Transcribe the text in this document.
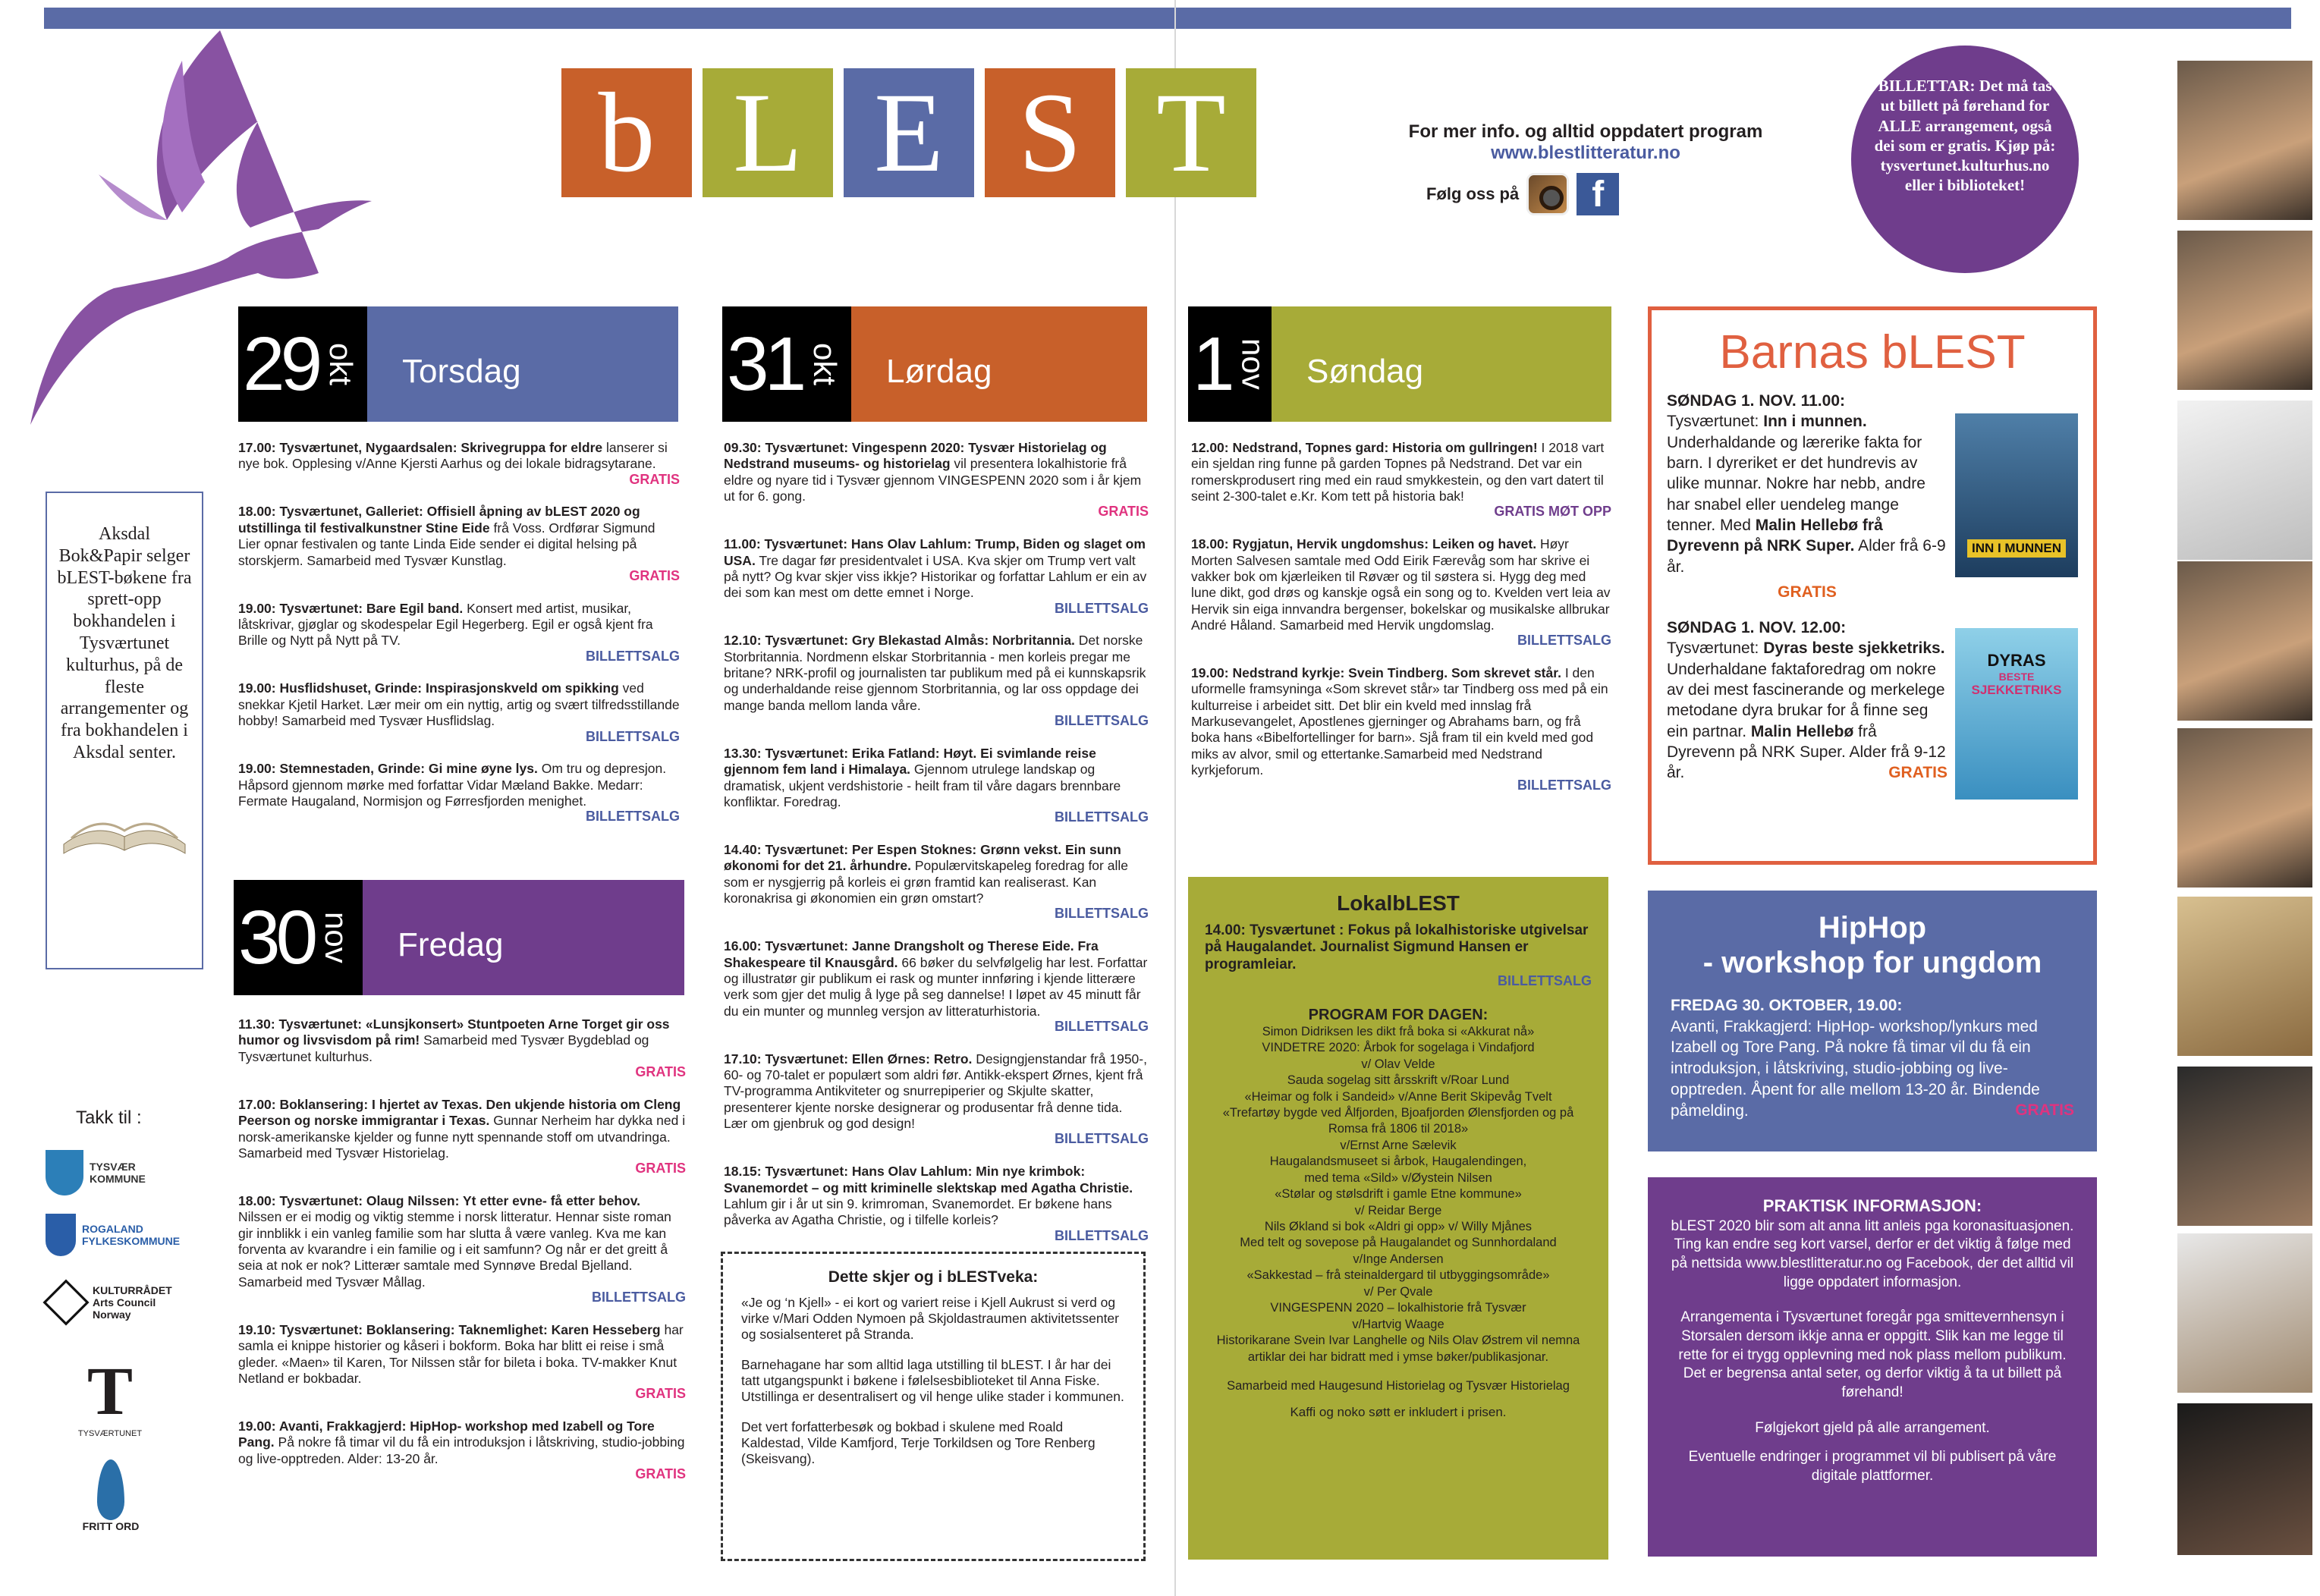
b L E S T	For mer info. og alltid oppdatert program
www.blestlitteratur.no
Følg oss på	f
BILLETTAR: Det må tas ut billett på førehand for ALLE arrangement, også dei som er gratis. Kjøp på: tysvertunet.kulturhus.no eller i biblioteket!
29 okt	Torsdag
17.00: Tysværtunet, Nygaardsalen: Skrivegruppa for eldre lanserer si nye bok. Opplesing v/Anne Kjersti Aarhus og dei lokale bidragsytarane.
GRATIS
18.00: Tysværtunet, Galleriet: Offisiell åpning av bLEST 2020 og utstillinga til festivalkunstner Stine Eide frå Voss. Ordførar Sigmund Lier opnar festivalen og tante Linda Eide sender ei digital helsing på storskjerm. Samarbeid med Tysvær Kunstlag.
GRATIS
19.00: Tysværtunet: Bare Egil band. Konsert med artist, musikar, låtskrivar, gjøglar og skodespelar Egil Hegerberg. Egil er også kjent fra Brille og Nytt på Nytt på TV.
BILLETTSALG
19.00: Husflidshuset, Grinde: Inspirasjonskveld om spikking ved snekkar Kjetil Harket. Lær meir om ein nyttig, artig og svært tilfredsstillande hobby! Samarbeid med Tysvær Husflidslag.
BILLETTSALG
19.00: Stemnestaden, Grinde: Gi mine øyne lys. Om tru og depresjon. Håpsord gjennom mørke med forfattar Vidar Mæland Bakke. Medarr: Fermate Haugaland, Normisjon og Førresfjorden menighet.
BILLETTSALG
30 nov	Fredag
11.30: Tysværtunet: «Lunsjkonsert» Stuntpoeten Arne Torget gir oss humor og livsvisdom på rim! Samarbeid med Tysvær Bygdeblad og Tysværtunet kulturhus.
GRATIS
17.00: Boklansering: I hjertet av Texas. Den ukjende historia om Cleng Peerson og norske immigrantar i Texas. Gunnar Nerheim har dykka ned i norsk-amerikanske kjelder og funne nytt spennande stoff om utvandringa. Samarbeid med Tysvær Historielag.
GRATIS
18.00: Tysværtunet: Olaug Nilssen: Yt etter evne- få etter behov. Nilssen er ei modig og viktig stemme i norsk litteratur. Hennar siste roman gir innblikk i ein vanleg familie som har slutta å være vanleg. Kva me kan forventa av kvarandre i ein familie og i eit samfunn? Og når er det greitt å seia at nok er nok? Litterær samtale med Synnøve Bredal Bjelland. Samarbeid med Tysvær Mållag.
BILLETTSALG
19.10: Tysværtunet: Boklansering: Taknemlighet: Karen Hesseberg har samla ei knippe historier og kåseri i bokform. Boka har blitt ei reise i små gleder. «Maen» til Karen, Tor Nilssen står for bileta i boka. TV-makker Knut Netland er bokbadar.
GRATIS
19.00: Avanti, Frakkagjerd: HipHop- workshop med Izabell og Tore Pang. På nokre få timar vil du få ein introduksjon i låtskriving, studio-jobbing og live-opptreden. Alder: 13-20 år.
GRATIS
31 okt	Lørdag
09.30: Tysværtunet: Vingespenn 2020: Tysvær Historielag og Nedstrand museums- og historielag vil presentera lokalhistorie frå eldre og nyare tid i Tysvær gjennom VINGESPENN 2020 som i år kjem ut for 6. gong.
GRATIS
11.00: Tysværtunet: Hans Olav Lahlum: Trump, Biden og slaget om USA. Tre dagar før presidentvalet i USA. Kva skjer om Trump vert valt på nytt? Og kvar skjer viss ikkje? Historikar og forfattar Lahlum er ein av dei som kan mest om dette emnet i Norge.
BILLETTSALG
12.10: Tysværtunet: Gry Blekastad Almås: Norbritannia. Det norske Storbritannia. Nordmenn elskar Storbritannia - men korleis pregar me britane? NRK-profil og journalisten tar publikum med på ei kunnskapsrik og underhaldande reise gjennom Storbritannia, og lar oss oppdage dei mange banda mellom landa våre.
BILLETTSALG
13.30: Tysværtunet: Erika Fatland: Høyt. Ei svimlande reise gjennom fem land i Himalaya. Gjennom utrulege landskap og dramatisk, ukjent verdshistorie - heilt fram til våre dagars brennbare konfliktar. Foredrag.
BILLETTSALG
14.40: Tysværtunet: Per Espen Stoknes: Grønn vekst. Ein sunn økonomi for det 21. århundre. Populærvitskapeleg foredrag for alle som er nysgjerrig på korleis ei grøn framtid kan realiserast. Kan koronakrisa gi økonomien ein grøn omstart?
BILLETTSALG
16.00: Tysværtunet: Janne Drangsholt og Therese Eide. Fra Shakespeare til Knausgård. 66 bøker du selvfølgelig har lest. Forfattar og illustratør gir publikum ei rask og munter innføring i kjende litterære verk som gjer det mulig å lyge på seg dannelse! I løpet av 45 minutt får du ein munter og munnleg versjon av litteraturhistoria.
BILLETTSALG
17.10: Tysværtunet: Ellen Ørnes: Retro. Designgjenstandar frå 1950-, 60- og 70-talet er populært som aldri før. Antikk-ekspert Ørnes, kjent frå TV-programma Antikviteter og snurrepiperier og Skjulte skatter, presenterer kjente norske designerar og produsentar frå denne tida. Lær om gjenbruk og god design!
BILLETTSALG
18.15: Tysværtunet: Hans Olav Lahlum: Min nye krimbok: Svanemordet – og mitt kriminelle slektskap med Agatha Christie. Lahlum gir i år ut sin 9. krimroman, Svanemordet. Er bøkene hans påverka av Agatha Christie, og i tilfelle korleis?
BILLETTSALG
1 nov	Søndag
12.00: Nedstrand, Topnes gard: Historia om gullringen! I 2018 vart ein sjeldan ring funne på garden Topnes på Nedstrand. Det var ein romerskprodusert ring med ein raud smykkestein, og den vart datert til seint 2-300-talet e.Kr. Kom tett på historia bak!
GRATIS MØT OPP
18.00: Rygjatun, Hervik ungdomshus: Leiken og havet. Høyr Morten Salvesen samtale med Odd Eirik Færevåg som har skrive ei vakker bok om kjærleiken til Røvær og til søstera si. Hygg deg med lune dikt, god drøs og kanskje også ein song og to. Kvelden vert leia av Hervik sin eiga innvandra bergenser, bokelskar og musikalske allbrukar André Håland. Samarbeid med Hervik ungdomslag.
BILLETTSALG
19.00: Nedstrand kyrkje: Svein Tindberg. Som skrevet står. I den uformelle framsyninga «Som skrevet står» tar Tindberg oss med på ein kulturreise i arbeidet sitt. Det blir ein kveld med innslag frå Markusevangelet, Apostlenes gjerninger og Abrahams barn, og frå boka hans «Bibelfortellinger for barn». Sjå fram til ein kveld med god miks av alvor, smil og ettertanke.Samarbeid med Nedstrand kyrkjeforum.
BILLETTSALG
Aksdal Bok&Papir selger bLEST-bøkene fra sprett-opp bokhandelen i Tysværtunet kulturhus, på de fleste arrangementer og fra bokhandelen i Aksdal senter.
Takk til :
TYSVÆR KOMMUNE
ROGALAND FYLKESKOMMUNE
KULTURRÅDET Arts Council Norway
T
TYSVÆRTUNET
FRITT ORD
Dette skjer og i bLESTveka:

«Je og ‘n Kjell» - ei kort og variert reise i Kjell Aukrust si verd og virke v/Mari Odden Nymoen på Skjoldastraumen aktivitetssenter og sosialsenteret på Stranda.

Barnehagane har som alltid laga utstilling til bLEST. I år har dei tatt utgangspunkt i bøkene i følelsesbiblioteket til Anna Fiske. Utstillinga er desentralisert og vil henge ulike stader i kommunen.

Det vert forfatterbesøk og bokbad i skulene med Roald Kaldestad, Vilde Kamfjord, Terje Torkildsen og Tore Renberg (Skeisvang).

LokalbLEST
14.00: Tysværtunet : Fokus på lokalhistoriske utgivelsar på Haugalandet. Journalist Sigmund Hansen er programleiar.
BILLETTSALG
PROGRAM FOR DAGEN:
Simon Didriksen les dikt frå boka si «Akkurat nå»
VINDETRE 2020: Årbok for sogelaga i Vindafjord
v/ Olav Velde
Sauda sogelag sitt årsskrift v/Roar Lund
«Heimar og folk i Sandeid» v/Anne Berit Skipevåg Tvelt
«Trefartøy bygde ved Ålfjorden, Bjoafjorden Ølensfjorden og på Romsa frå 1806 til 2018»
v/Ernst Arne Sælevik
Haugalandsmuseet si årbok, Haugalendingen,
med tema «Sild» v/Øystein Nilsen
«Stølar og stølsdrift i gamle Etne kommune»
v/ Reidar Berge
Nils Økland si bok «Aldri gi opp» v/ Willy Mjånes
Med telt og sovepose på Haugalandet og Sunnhordaland
v/Inge Andersen
«Sakkestad – frå steinaldergard til utbyggingsområde»
v/ Per Qvale
VINGESPENN 2020 – lokalhistorie frå Tysvær
v/Hartvig Waage
Historikarane Svein Ivar Langhelle og Nils Olav Østrem vil nemna artiklar dei har bidratt med i ymse bøker/publikasjonar.
Samarbeid med Haugesund Historielag og Tysvær Historielag
Kaffi og noko søtt er inkludert i prisen.
Barnas bLEST
SØNDAG 1. NOV. 11.00:
Tysværtunet: Inn i munnen. Underhaldande og lærerike fakta for barn. I dyreriket er det hundrevis av ulike munnar. Nokre har nebb, andre har snabel eller uendeleg mange tenner. Med Malin Hellebø frå Dyrevenn på NRK Super. Alder frå 6-9 år.
GRATIS
INN I MUNNEN
SØNDAG 1. NOV. 12.00:
Tysværtunet: Dyras beste sjekketriks. Underhaldane faktaforedrag om nokre av dei mest fascinerande og merkelege metodane dyra brukar for å finne seg ein partnar. Malin Hellebø frå Dyrevenn på NRK Super. Alder frå 9-12 år.	GRATIS
DYRAS
BESTE
SJEKKETRIKS
HipHop
- workshop for ungdom
FREDAG 30. OKTOBER, 19.00:
Avanti, Frakkagjerd: HipHop- workshop/lynkurs med Izabell og Tore Pang. På nokre få timar vil du få ein introduksjon, i låtskriving, studio-jobbing og live-opptreden. Åpent for alle mellom 13-20 år. Bindende påmelding.	GRATIS
PRAKTISK INFORMASJON:

bLEST 2020 blir som alt anna litt anleis pga koronasituasjonen. Ting kan endre seg kort varsel, derfor er det viktig å følge med på nettsida www.blestlitteratur.no og Facebook, der det alltid vil ligge oppdatert informasjon.

Arrangementa i Tysværtunet foregår pga smittevernhensyn i Storsalen dersom ikkje anna er oppgitt. Slik kan me legge til rette for ei trygg opplevning med nok plass mellom publikum. Det er begrensa antal seter, og derfor viktig å ta ut billett på førehand!

Følgjekort gjeld på alle arrangement.

Eventuelle endringer i programmet vil bli publisert på våre digitale plattformer.
